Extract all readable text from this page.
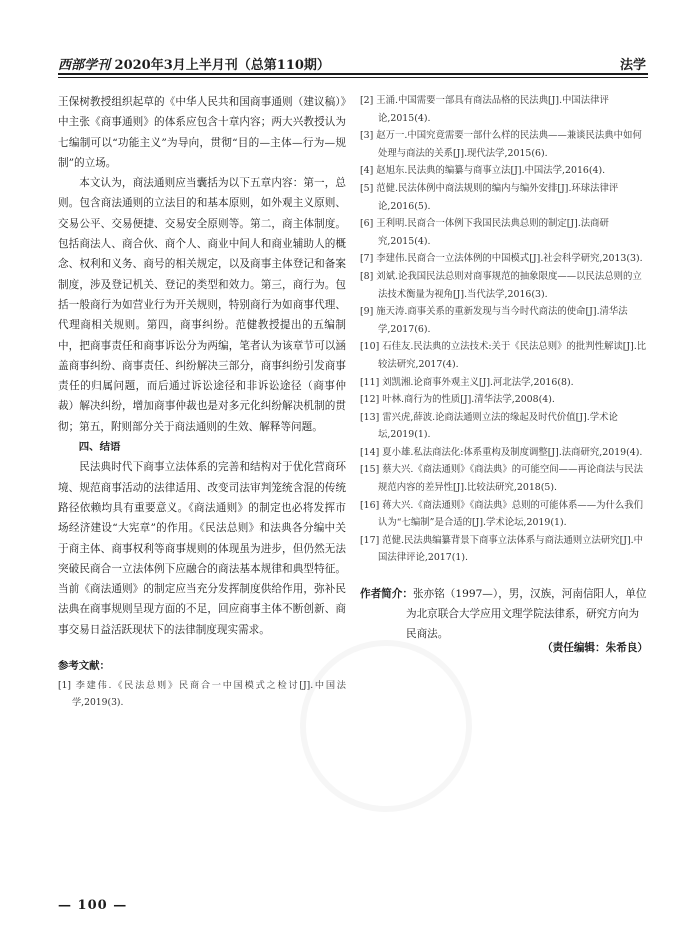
西部学刊 2020年3月上半月刊（总第110期）	法学

王保树教授组织起草的《中华人民共和国商事通则（建议稿）》中主张《商事通则》的体系应包含十章内容；两大兴教授认为七编制可以“功能主义”为导向，贯彻“目的—主体—行为—规制”的立场。

本文认为，商法通则应当囊括为以下五章内容：第一，总则。包含商法通则的立法目的和基本原则，如外观主义原则、交易公平、交易便捷、交易安全原则等。第二，商主体制度。包括商法人、商合伙、商个人、商业中间人和商业辅助人的概念、权利和义务、商号的相关规定，以及商事主体登记和备案制度，涉及登记机关、登记的类型和效力。第三，商行为。包括一般商行为如营业行为开关规则，特别商行为如商事代理、代理商相关规则。第四，商事纠纷。范健教授提出的五编制中，把商事责任和商事诉讼分为两编，笔者认为该章节可以涵盖商事纠纷、商事责任、纠纷解决三部分，商事纠纷引发商事责任的归属问题，而后通过诉讼途径和非诉讼途径（商事仲裁）解决纠纷，增加商事仲裁也是对多元化纠纷解决机制的贯彻；第五，附则部分关于商法通则的生效、解释等问题。

四、结语

民法典时代下商事立法体系的完善和结构对于优化营商环境、规范商事活动的法律适用、改变司法审判笼统含混的传统路径依赖均具有重要意义。《商法通则》的制定也必将发挥市场经济建设“大宪章”的作用。《民法总则》和法典各分编中关于商主体、商事权利等商事规则的体现虽为进步，但仍然无法突破民商合一立法体例下应融合的商法基本规律和典型特征。当前《商法通则》的制定应当充分发挥制度供给作用，弥补民法典在商事规则呈现方面的不足，回应商事主体不断创新、商事交易日益活跃现状下的法律制度现实需求。

参考文献：

[1] 李建伟.《民法总则》民商合一中国模式之检讨[J].中国法学,2019(3).

[2] 王涌.中国需要一部具有商法品格的民法典[J].中国法律评论,2015(4).

[3] 赵万一.中国究竟需要一部什么样的民法典——兼谈民法典中如何处理与商法的关系[J].现代法学,2015(6).

[4] 赵旭东.民法典的编纂与商事立法[J].中国法学,2016(4).

[5] 范健.民法体例中商法规则的编内与编外安排[J].环球法律评论,2016(5).

[6] 王利明.民商合一体例下我国民法典总则的制定[J].法商研究,2015(4).

[7] 李建伟.民商合一立法体例的中国模式[J].社会科学研究,2013(3).

[8] 刘斌.论我国民法总则对商事规范的抽象限度——以民法总则的立法技术衡量为视角[J].当代法学,2016(3).

[9] 施天涛.商事关系的重新发现与当今时代商法的使命[J].清华法学,2017(6).

[10] 石佳友.民法典的立法技术:关于《民法总则》的批判性解读[J].比较法研究,2017(4).

[11] 刘凯湘.论商事外观主义[J].河北法学,2016(8).

[12] 叶林.商行为的性质[J].清华法学,2008(4).

[13] 雷兴虎,薛波.论商法通则立法的缘起及时代价值[J].学术论坛,2019(1).

[14] 夏小雄.私法商法化:体系重构及制度调整[J].法商研究,2019(4).

[15] 蔡大兴.《商法通则》《商法典》的可能空间——再论商法与民法规范内容的差异性[J].比较法研究,2018(5).

[16] 蒋大兴.《商法通则》《商法典》总则的可能体系——为什么我们认为“七编制”是合适的[J].学术论坛,2019(1).

[17] 范健.民法典编纂背景下商事立法体系与商法通则立法研究[J].中国法律评论,2017(1).

作者简介：张亦铭（1997—），男，汉族，河南信阳人，单位
为北京联合大学应用文理学院法律系，研究方向为民商法。
（责任编辑：朱希良）
— 100 —
